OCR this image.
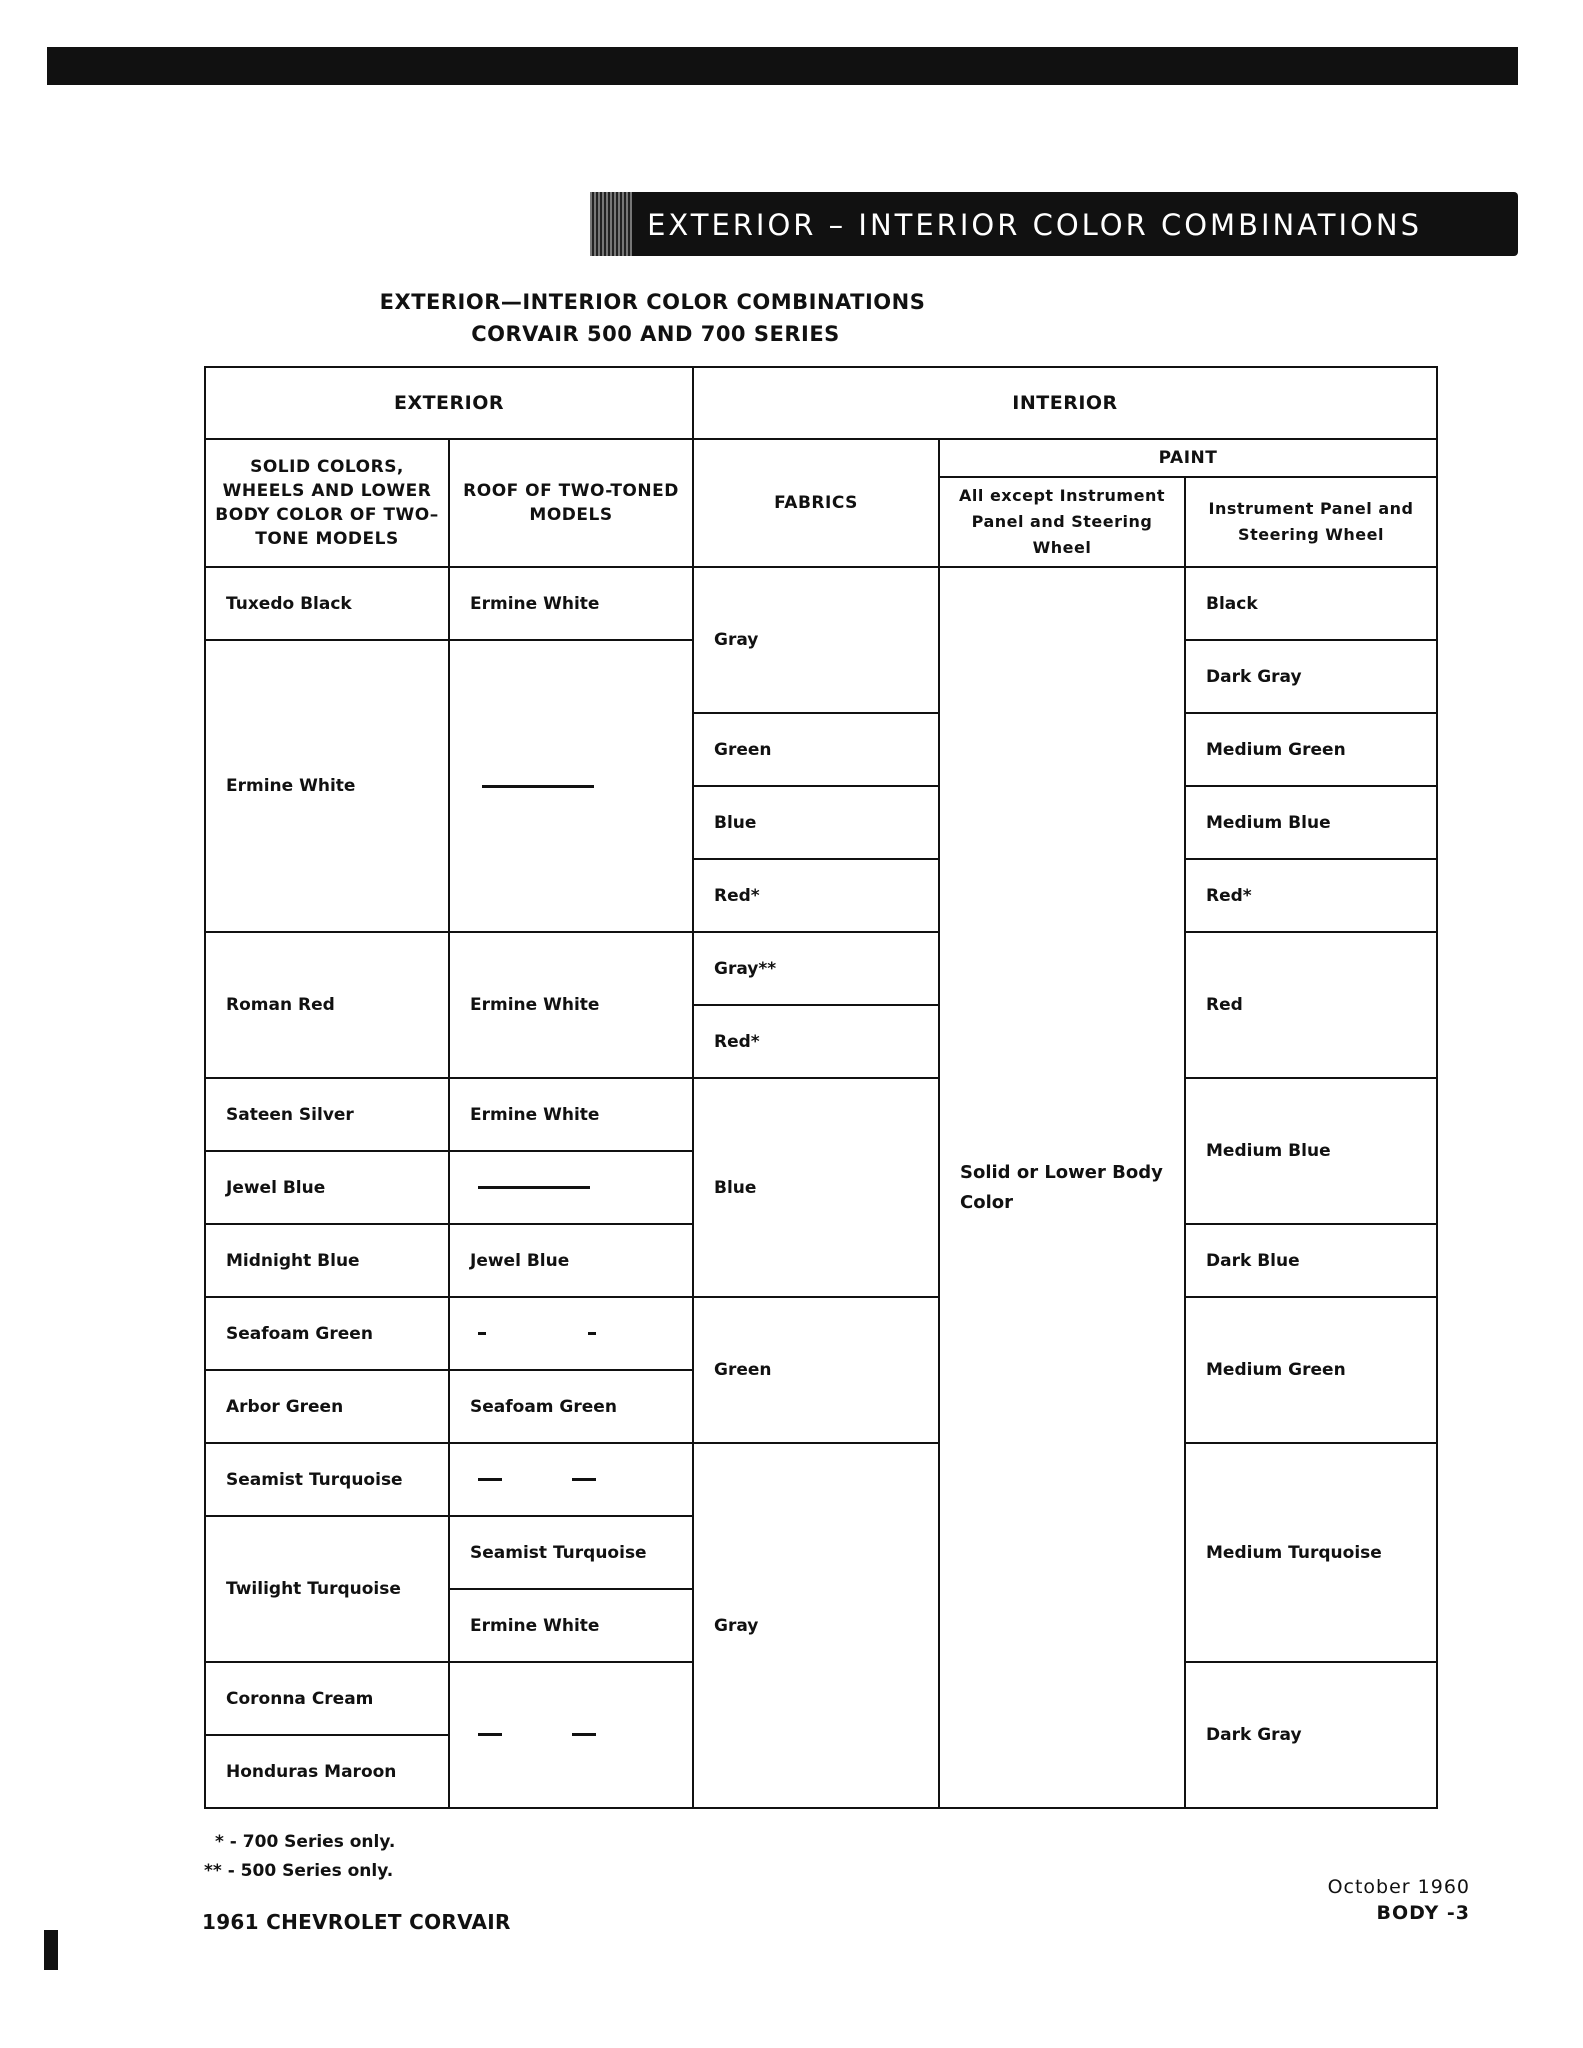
EXTERIOR – INTERIOR COLOR COMBINATIONS
EXTERIOR—INTERIOR COLOR COMBINATIONS
CORVAIR 500 AND 700 SERIES
EXTERIOR		INTERIOR		
SOLID COLORS, WHEELS AND LOWER BODY COLOR OF TWO–TONE MODELS	ROOF OF TWO-TONED MODELS	FABRICS	PAINT	
			All except Instrument Panel and Steering Wheel	Instrument Panel and Steering Wheel
Tuxedo Black	Ermine White	Gray	Solid or Lower Body Color	Black
Ermine White				Dark Gray
		Green		Medium Green
		Blue		Medium Blue
		Red*		Red*
Roman Red	Ermine White	Gray**		Red
		Red*		
Sateen Silver	Ermine White	Blue		Medium Blue
Jewel Blue				
Midnight Blue	Jewel Blue			Dark Blue
Seafoam Green		Green		Medium Green
Arbor Green	Seafoam Green			
Seamist Turquoise		Gray		Medium Turquoise
Twilight Turquoise	Seamist Turquoise			
	Ermine White			
Coronna Cream				Dark Gray
Honduras Maroon				
* - 700 Series only.
** - 500 Series only.
1961 CHEVROLET CORVAIR
October 1960
BODY -3
